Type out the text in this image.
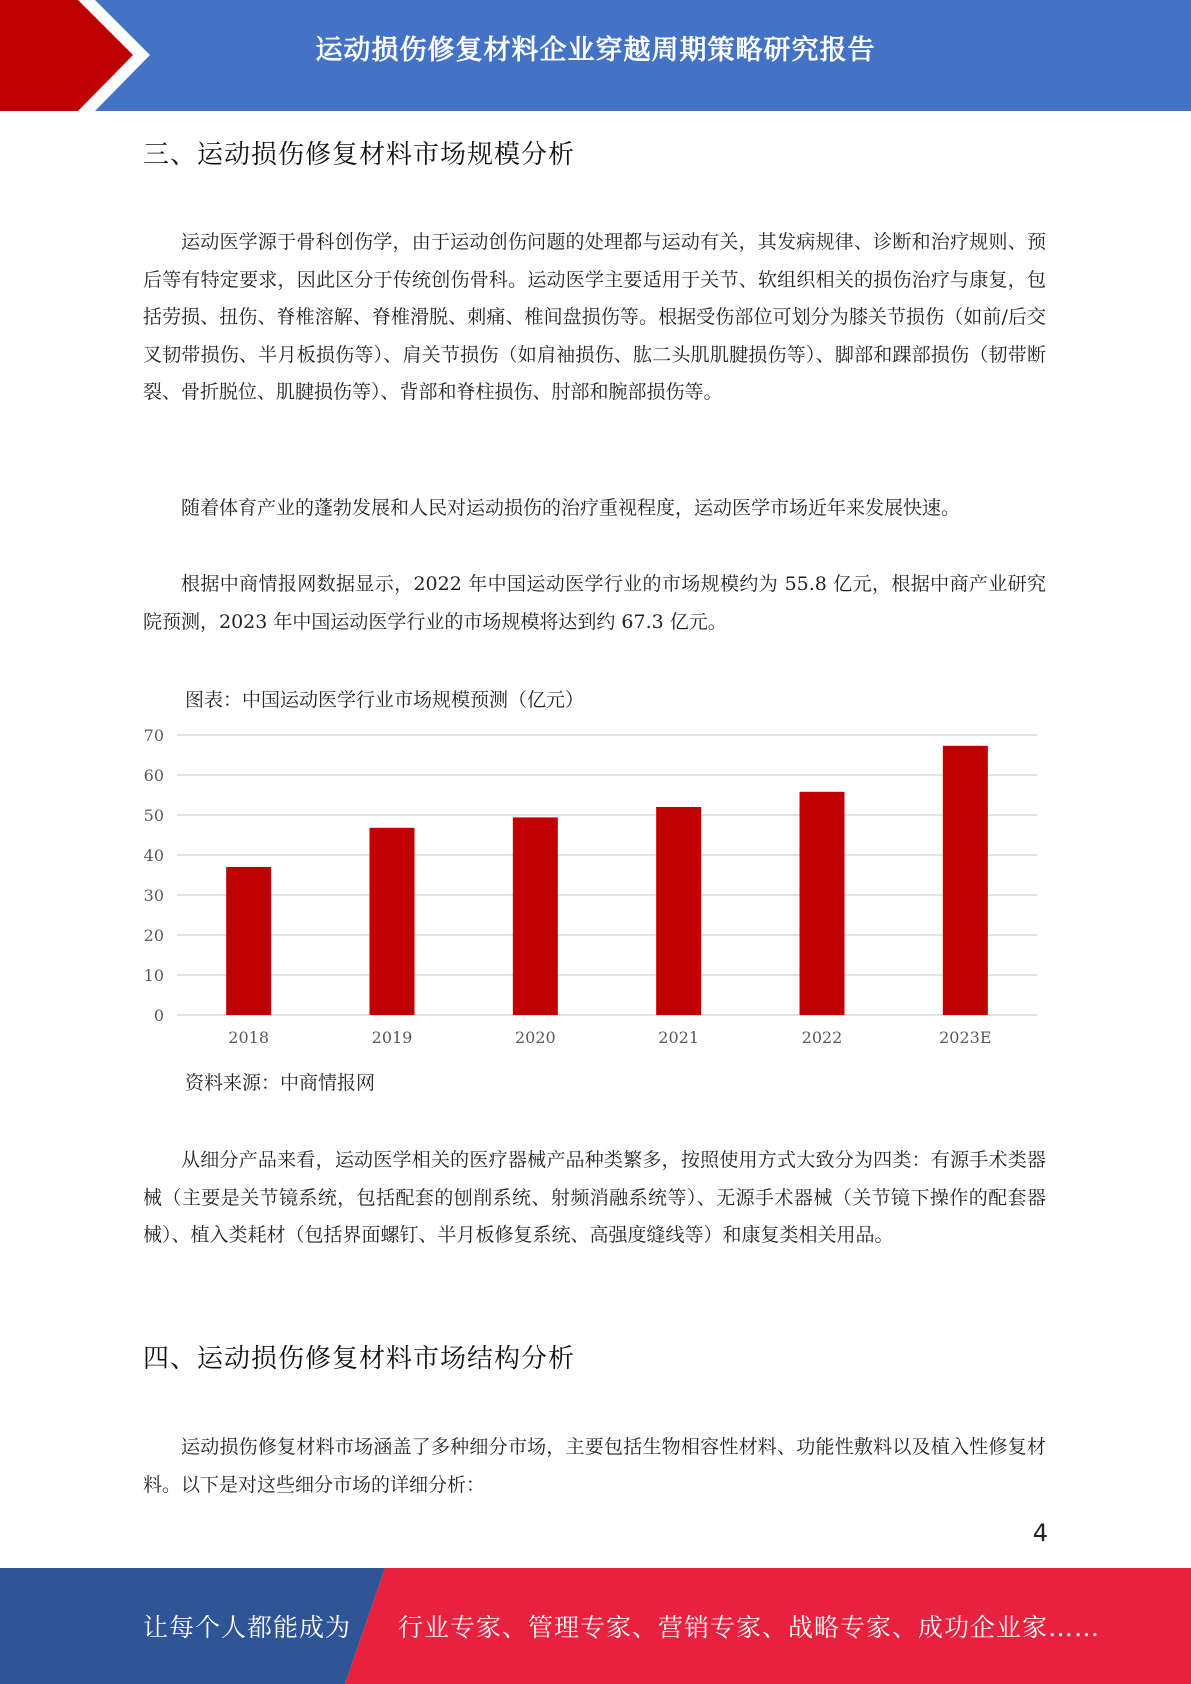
运动损伤修复材料企业穿越周期策略研究报告
三、运动损伤修复材料市场规模分析

运动医学源于骨科创伤学，由于运动创伤问题的处理都与运动有关，其发病规律、诊断和治疗规则、预后等有特定要求，因此区分于传统创伤骨科。运动医学主要适用于关节、软组织相关的损伤治疗与康复，包括劳损、扭伤、脊椎溶解、脊椎滑脱、刺痛、椎间盘损伤等。根据受伤部位可划分为膝关节损伤（如前/后交叉韧带损伤、半月板损伤等）、肩关节损伤（如肩袖损伤、肱二头肌肌腱损伤等）、脚部和踝部损伤（韧带断裂、骨折脱位、肌腱损伤等）、背部和脊柱损伤、肘部和腕部损伤等。

随着体育产业的蓬勃发展和人民对运动损伤的治疗重视程度，运动医学市场近年来发展快速。

根据中商情报网数据显示，2022 年中国运动医学行业的市场规模约为 55.8 亿元，根据中商产业研究院预测，2023 年中国运动医学行业的市场规模将达到约 67.3 亿元。

图表：中国运动医学行业市场规模预测（亿元）
0
10
20
30
40
50
60
70
2018	2019	2020	2021	2022	2023E
资料来源：中商情报网

从细分产品来看，运动医学相关的医疗器械产品种类繁多，按照使用方式大致分为四类：有源手术类器械（主要是关节镜系统，包括配套的刨削系统、射频消融系统等）、无源手术器械（关节镜下操作的配套器械）、植入类耗材（包括界面螺钉、半月板修复系统、高强度缝线等）和康复类相关用品。

四、运动损伤修复材料市场结构分析

运动损伤修复材料市场涵盖了多种细分市场，主要包括生物相容性材料、功能性敷料以及植入性修复材料。以下是对这些细分市场的详细分析：

4
让每个人都能成为 行业专家、管理专家、营销专家、战略专家、成功企业家……
